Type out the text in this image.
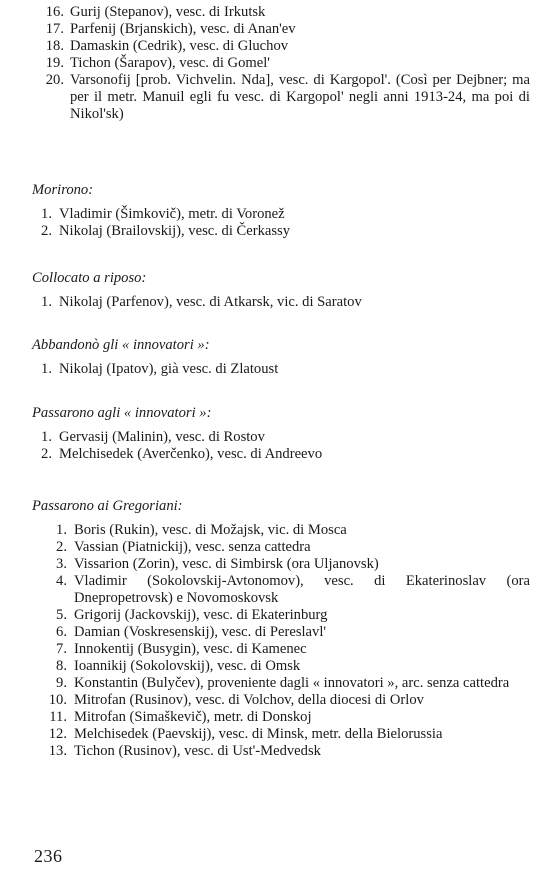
16. Gurij (Stepanov), vesc. di Irkutsk
17. Parfenij (Brjanskich), vesc. di Anan'ev
18. Damaskin (Cedrik), vesc. di Gluchov
19. Tichon (Šarapov), vesc. di Gomel'
20. Varsonofij [prob. Vichvelin. Nda], vesc. di Kargopol'. (Così per Dejbner; ma per il metr. Manuil egli fu vesc. di Kargopol' negli anni 1913-24, ma poi di Nikol'sk)

Morirono:

1. Vladimir (Šimkovič), metr. di Voronež
2. Nikolaj (Brailovskij), vesc. di Čerkassy

Collocato a riposo:

1. Nikolaj (Parfenov), vesc. di Atkarsk, vic. di Saratov

Abbandonò gli « innovatori »:

1. Nikolaj (Ipatov), già vesc. di Zlatoust

Passarono agli « innovatori »:

1. Gervasij (Malinin), vesc. di Rostov
2. Melchisedek (Averčenko), vesc. di Andreevo

Passarono ai Gregoriani:

1. Boris (Rukin), vesc. di Možajsk, vic. di Mosca
2. Vassian (Piatnickij), vesc. senza cattedra
3. Vissarion (Zorin), vesc. di Simbirsk (ora Uljanovsk)
4. Vladimir (Sokolovskij-Avtonomov), vesc. di Ekaterinoslav (ora Dnepropetrovsk) e Novomoskovsk
5. Grigorij (Jackovskij), vesc. di Ekaterinburg
6. Damian (Voskresenskij), vesc. di Pereslavl'
7. Innokentij (Busygin), vesc. di Kamenec
8. Ioannikij (Sokolovskij), vesc. di Omsk
9. Konstantin (Bulyčev), proveniente dagli « innovatori », arc. senza cattedra
10. Mitrofan (Rusinov), vesc. di Volchov, della diocesi di Orlov
11. Mitrofan (Simaškevič), metr. di Donskoj
12. Melchisedek (Paevskij), vesc. di Minsk, metr. della Bielorussia
13. Tichon (Rusinov), vesc. di Ust'-Medvedsk
236
